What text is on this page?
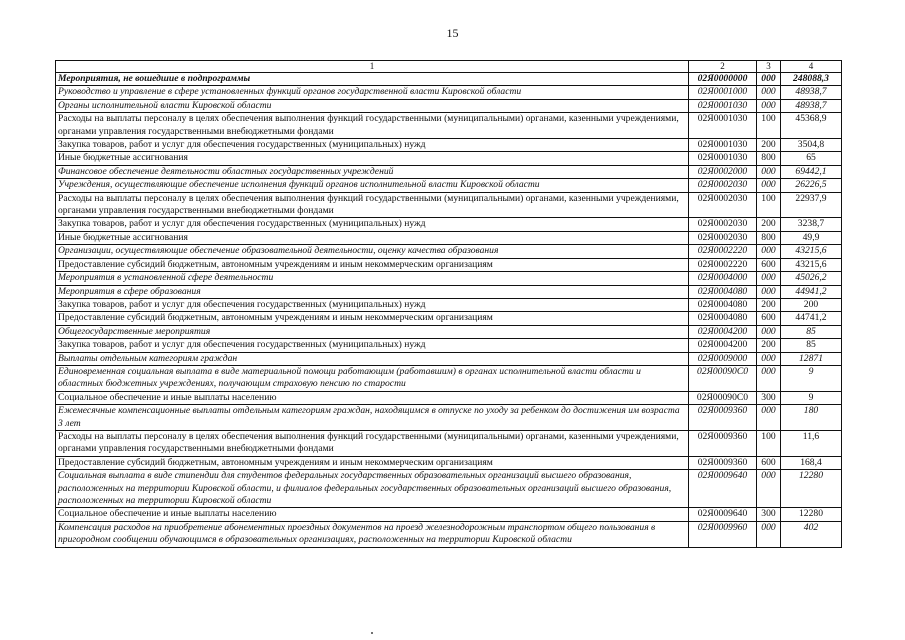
15
1	2	3	4
Мероприятия, не вошедшие в подпрограммы	02Я0000000	000	248088,3
Руководство и управление в сфере установленных функций органов государственной власти Кировской области	02Я0001000	000	48938,7
Органы исполнительной власти Кировской области	02Я0001030	000	48938,7
Расходы на выплаты персоналу в целях обеспечения выполнения функций государственными (муниципальными) органами, казенными учреждениями, органами управления государственными внебюджетными фондами	02Я0001030	100	45368,9
Закупка товаров, работ и услуг для обеспечения государственных (муниципальных) нужд	02Я0001030	200	3504,8
Иные бюджетные ассигнования	02Я0001030	800	65
Финансовое обеспечение деятельности областных государственных учреждений	02Я0002000	000	69442,1
Учреждения, осуществляющие обеспечение исполнения функций органов исполнительной власти Кировской области	02Я0002030	000	26226,5
Расходы на выплаты персоналу в целях обеспечения выполнения функций государственными (муниципальными) органами, казенными учреждениями, органами управления государственными внебюджетными фондами	02Я0002030	100	22937,9
Закупка товаров, работ и услуг для обеспечения государственных (муниципальных) нужд	02Я0002030	200	3238,7
Иные бюджетные ассигнования	02Я0002030	800	49,9
Организации, осуществляющие обеспечение образовательной деятельности, оценку качества образования	02Я0002220	000	43215,6
Предоставление субсидий бюджетным, автономным учреждениям и иным некоммерческим организациям	02Я0002220	600	43215,6
Мероприятия в установленной сфере деятельности	02Я0004000	000	45026,2
Мероприятия в сфере образования	02Я0004080	000	44941,2
Закупка товаров, работ и услуг для обеспечения государственных (муниципальных) нужд	02Я0004080	200	200
Предоставление субсидий бюджетным, автономным учреждениям и иным некоммерческим организациям	02Я0004080	600	44741,2
Общегосударственные мероприятия	02Я0004200	000	85
Закупка товаров, работ и услуг для обеспечения государственных (муниципальных) нужд	02Я0004200	200	85
Выплаты отдельным категориям граждан	02Я0009000	000	12871
Единовременная социальная выплата в виде материальной помощи работающим (работавшим) в органах исполнительной власти области и областных бюджетных учреждениях, получающим страховую пенсию по старости	02Я00090С0	000	9
Социальное обеспечение и иные выплаты населению	02Я00090С0	300	9
Ежемесячные компенсационные выплаты отдельным категориям граждан, находящимся в отпуске по уходу за ребенком до достижения им возраста 3 лет	02Я0009360	000	180
Расходы на выплаты персоналу в целях обеспечения выполнения функций государственными (муниципальными) органами, казенными учреждениями, органами управления государственными внебюджетными фондами	02Я0009360	100	11,6
Предоставление субсидий бюджетным, автономным учреждениям и иным некоммерческим организациям	02Я0009360	600	168,4
Социальная выплата в виде стипендии для студентов федеральных государственных образовательных организаций высшего образования, расположенных на территории Кировской области, и филиалов федеральных государственных образовательных организаций высшего образования, расположенных на территории Кировской области	02Я0009640	000	12280
Социальное обеспечение и иные выплаты населению	02Я0009640	300	12280
Компенсация расходов на приобретение абонементных проездных документов на проезд железнодорожным транспортом общего пользования в пригородном сообщении обучающимся в образовательных организациях, расположенных на территории Кировской области	02Я0009960	000	402
